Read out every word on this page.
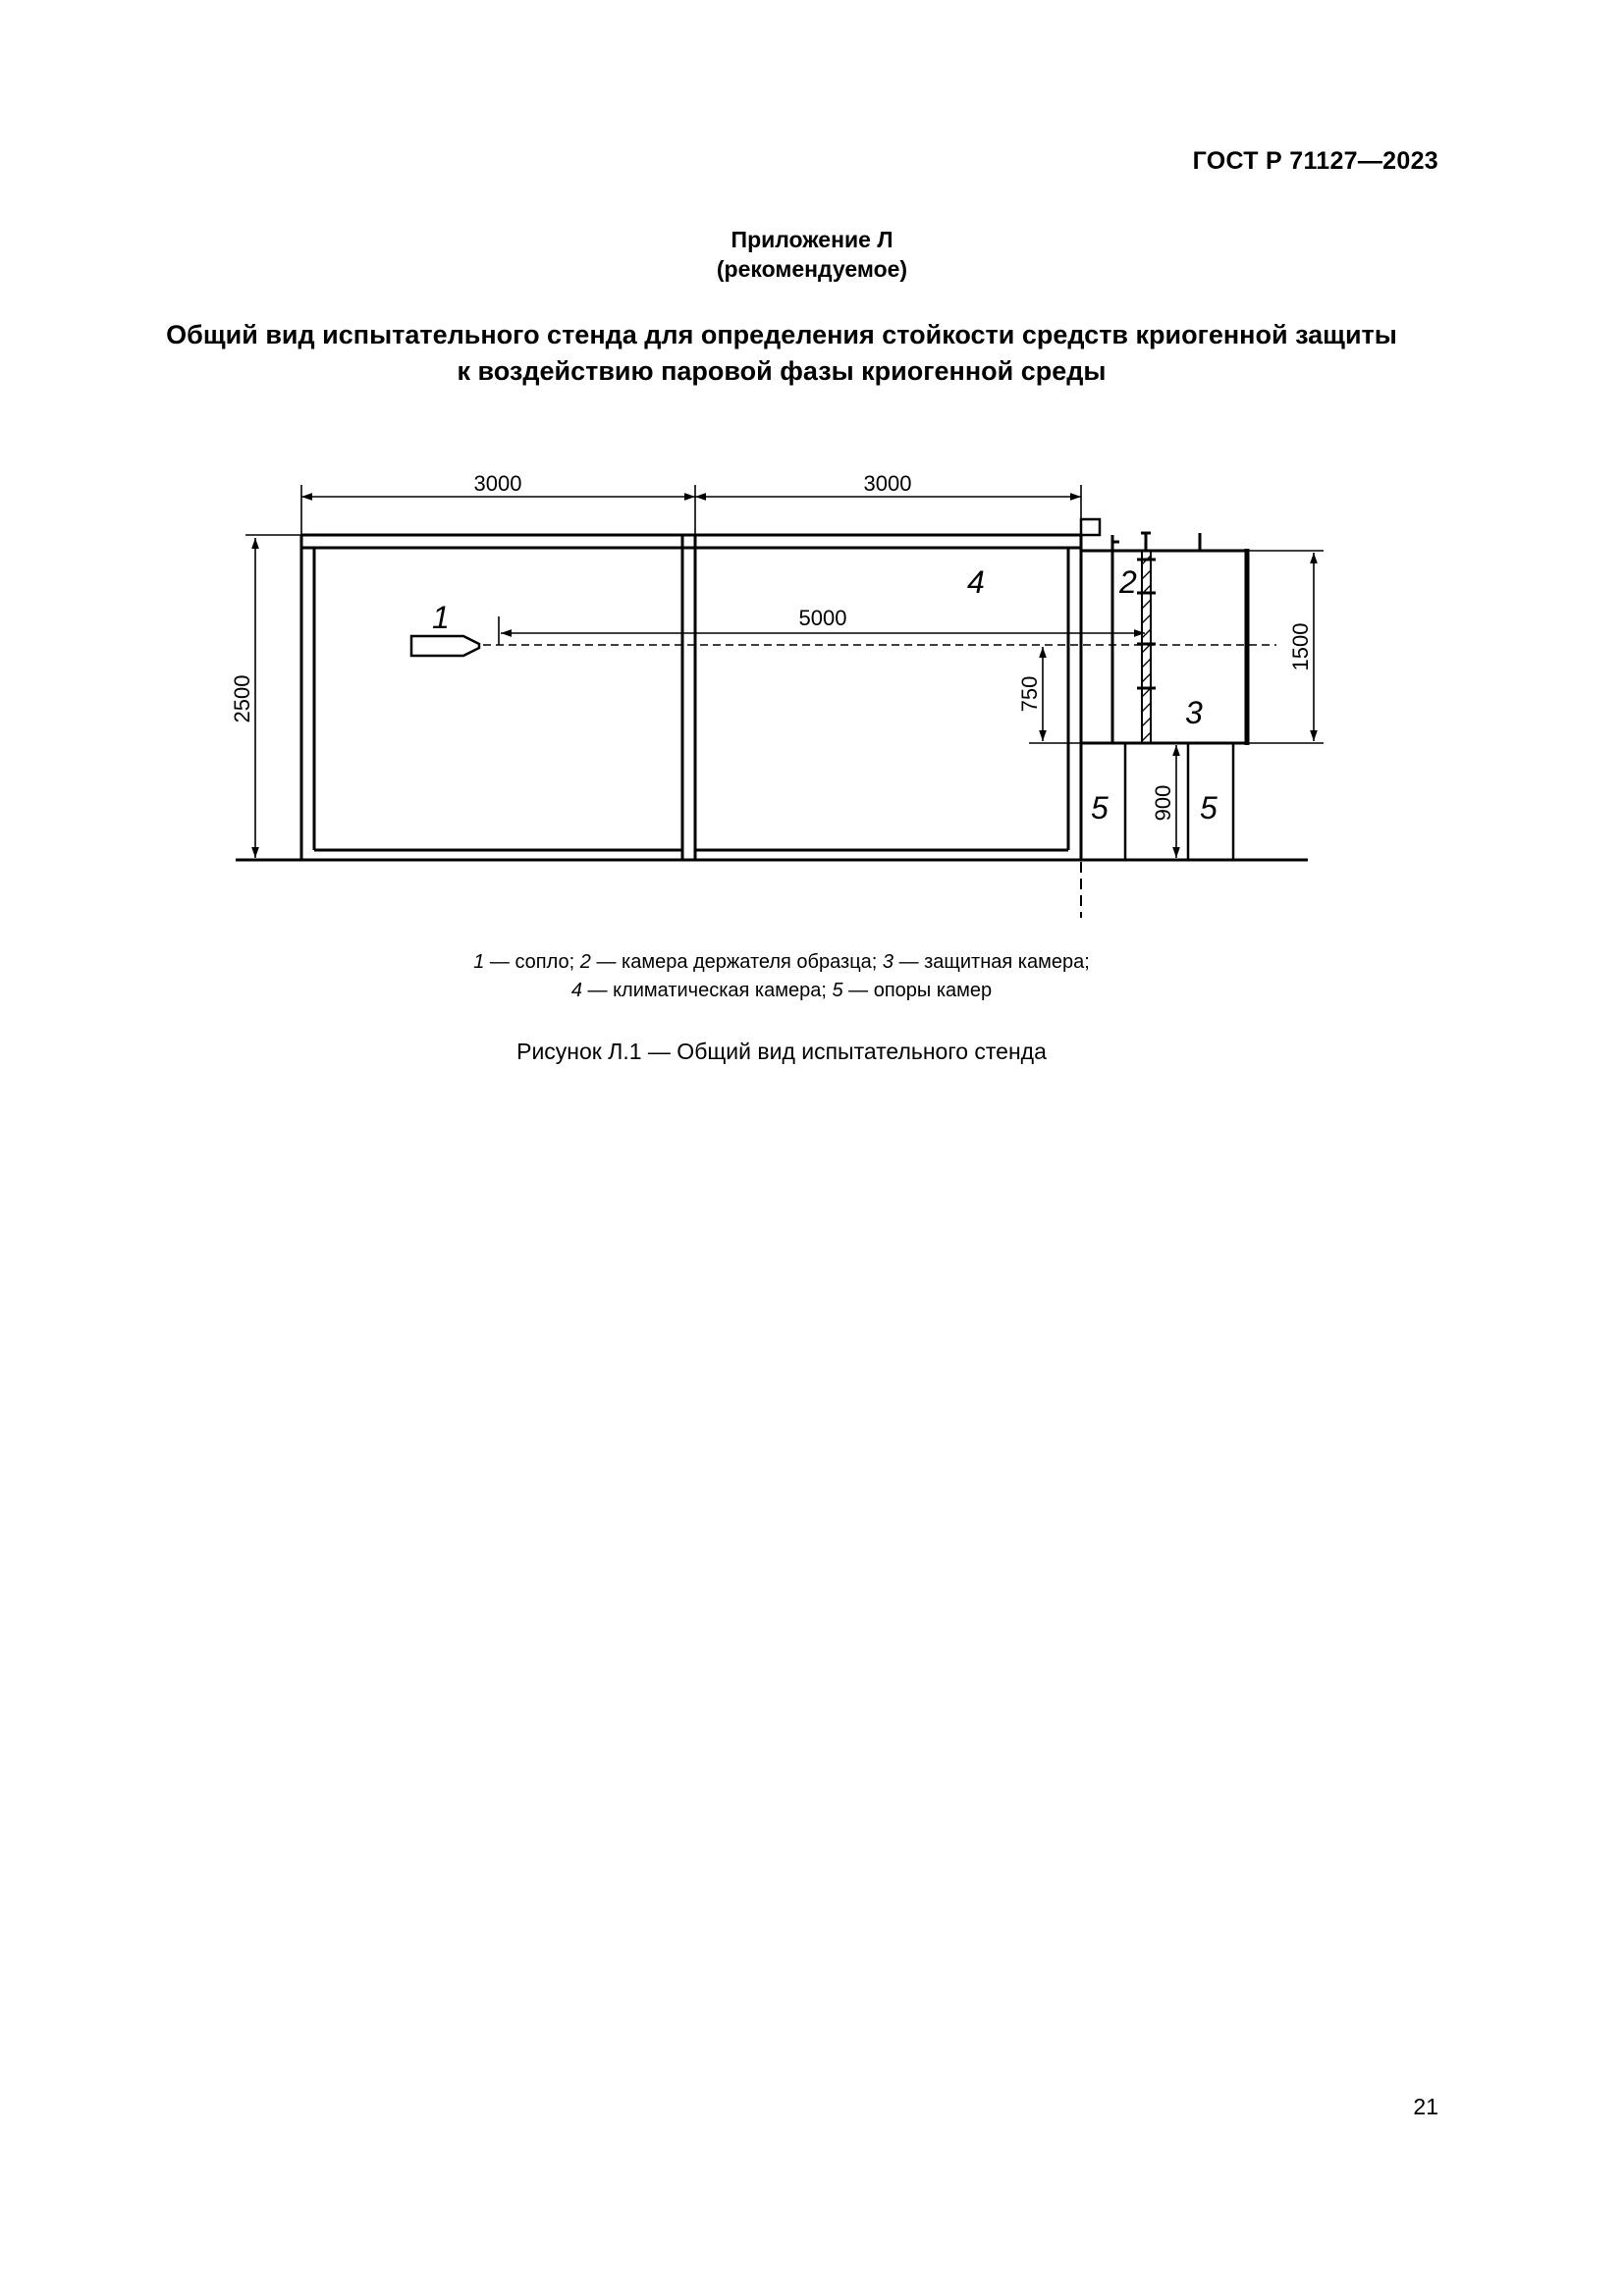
ГОСТ Р 71127—2023
Приложение Л
(рекомендуемое)
Общий вид испытательного стенда для определения стойкости средств криогенной защиты
к воздействию паровой фазы криогенной среды
3000	3000
5000
2500	750
900
1500
1
2
3
4
5	5
1 — сопло; 2 — камера держателя образца; 3 — защитная камера;
4 — климатическая камера; 5 — опоры камер
Рисунок Л.1 — Общий вид испытательного стенда
21
